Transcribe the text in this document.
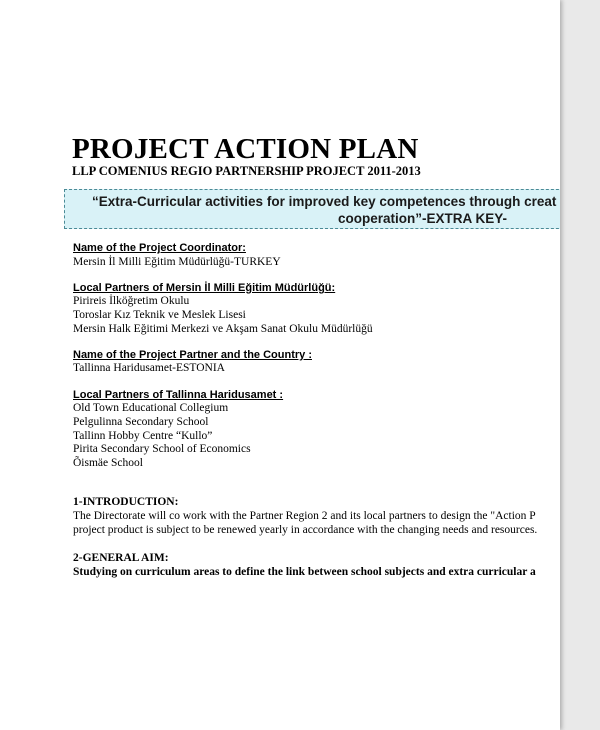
PROJECT ACTION PLAN
LLP COMENIUS REGIO PARTNERSHIP PROJECT 2011-2013
“Extra-Curricular activities for improved key competences through creat
cooperation”-EXTRA KEY-
Name of the Project Coordinator:
Mersin İl Milli Eğitim Müdürlüğü-TURKEY
Local Partners of Mersin İl Milli Eğitim Müdürlüğü:
Pirireis İlköğretim Okulu
Toroslar Kız Teknik ve Meslek Lisesi
Mersin Halk Eğitimi Merkezi ve Akşam Sanat Okulu Müdürlüğü
Name of the Project Partner and the Country :
Tallinna Haridusamet-ESTONIA
Local Partners of Tallinna Haridusamet :
Old Town Educational Collegium
Pelgulinna Secondary School
Tallinn Hobby Centre “Kullo”
Pirita Secondary School of Economics
Õismäe School
1-INTRODUCTION:
The Directorate will co work with the Partner Region 2 and its local partners to design the "Action P
project product is subject to be renewed yearly in accordance with the changing needs and resources.
2-GENERAL AIM:
Studying on curriculum areas to define the link between school subjects and extra curricular a
